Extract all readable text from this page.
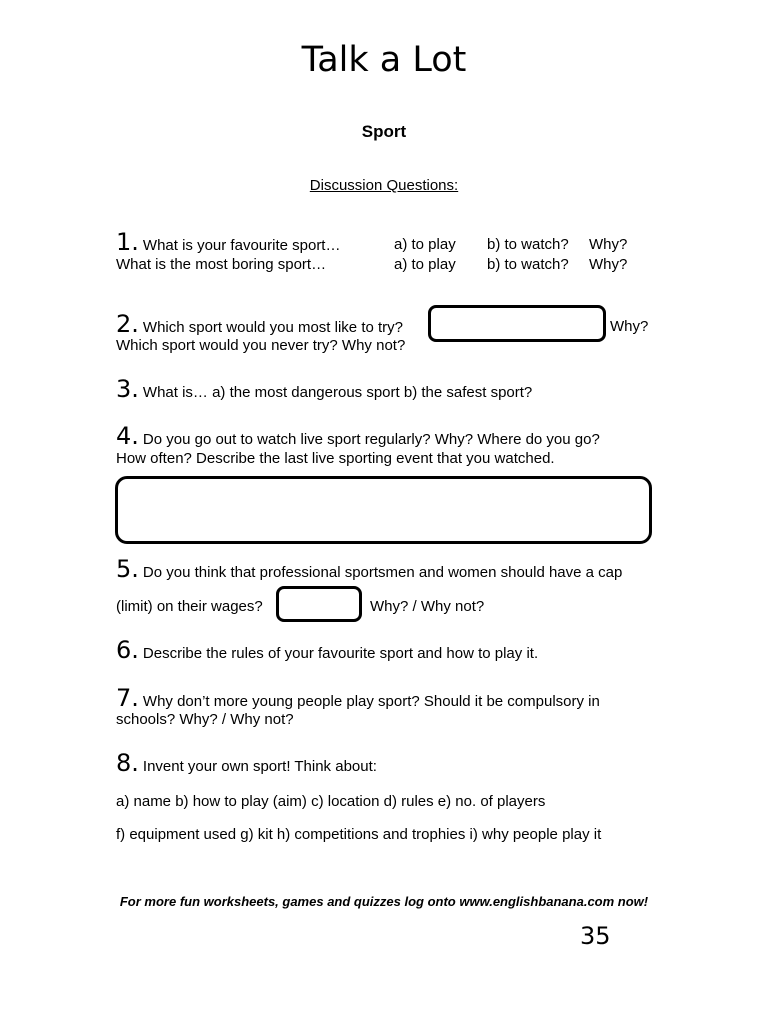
Talk a Lot
Sport
Discussion Questions:
1. What is your favourite sport…	a) to play b) to watch? Why?
What is the most boring sport…	a) to play b) to watch? Why?
2. Which sport would you most like to try?	Why?
Which sport would you never try? Why not?
3. What is… a) the most dangerous sport b) the safest sport?
4. Do you go out to watch live sport regularly? Why? Where do you go?
How often? Describe the last live sporting event that you watched.
5. Do you think that professional sportsmen and women should have a cap
(limit) on their wages?	Why? / Why not?
6. Describe the rules of your favourite sport and how to play it.
7. Why don’t more young people play sport? Should it be compulsory in
schools? Why? / Why not?
8. Invent your own sport! Think about:
a) name b) how to play (aim) c) location d) rules e) no. of players
f) equipment used g) kit h) competitions and trophies i) why people play it
For more fun worksheets, games and quizzes log onto www.englishbanana.com now!
35
